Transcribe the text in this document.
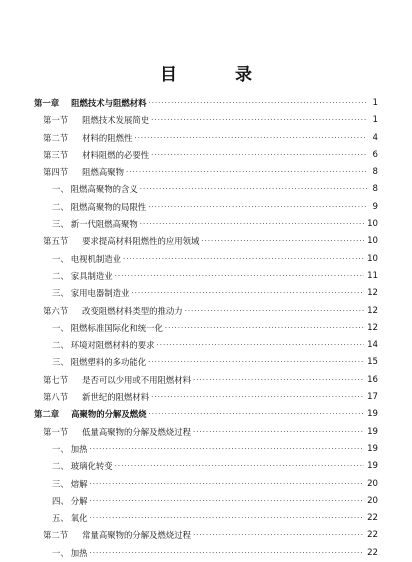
目 录
第一章 阻燃技术与阻燃材料 ·····	1
第一节 阻燃技术发展简史 ·····	1
第二节 材料的阻燃性 ·····	4
第三节 材料阻燃的必要性 ·····	6
第四节 阻燃高聚物 ·····	8
一、 阻燃高聚物的含义 ·····	8
二、 阻燃高聚物的局限性 ·····	9
三、 新一代阻燃高聚物 ·····	10
第五节 要求提高材料阻燃性的应用领域 ·····	10
一、 电视机制造业 ·····	10
二、 家具制造业 ·····	11
三、 家用电器制造业 ·····	12
第六节 改变阻燃材料类型的推动力 ·····	12
一、 阻燃标准国际化和统一化 ·····	12
二、 环境对阻燃材料的要求 ·····	14
三、 阻燃塑料的多功能化 ·····	15
第七节 是否可以少用或不用阻燃材料 ·····	16
第八节 新世纪的阻燃材料 ·····	17
第二章 高聚物的分解及燃烧 ·····	19
第一节 低量高聚物的分解及燃烧过程 ·····	19
一、 加热 ·····	19
二、 玻璃化转变 ·····	19
三、 熔解 ·····	20
四、 分解 ·····	20
五、 氧化 ·····	22
第二节 常量高聚物的分解及燃烧过程 ·····	22
一、 加热 ·····	22
